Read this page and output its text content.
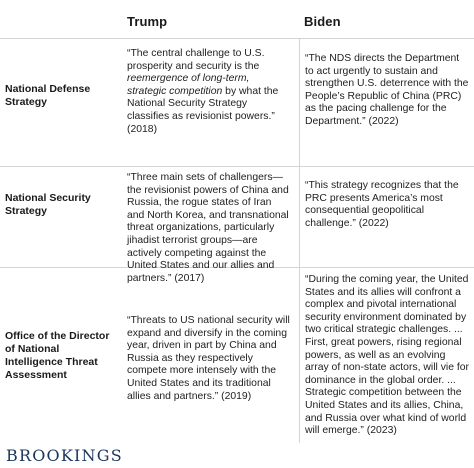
Trump	Biden
National Defense Strategy
“The central challenge to U.S. prosperity and security is the reemergence of long-term, strategic competition by what the National Security Strategy classifies as revisionist powers.” (2018)
“The NDS directs the Department to act urgently to sustain and strengthen U.S. deterrence with the People’s Republic of China (PRC) as the pacing challenge for the Department.” (2022)
National Security Strategy
“Three main sets of challengers—the revisionist powers of China and Russia, the rogue states of Iran and North Korea, and transnational threat organizations, particularly jihadist terrorist groups—are actively competing against the United States and our allies and partners.” (2017)
“This strategy recognizes that the PRC presents America’s most consequential geopolitical challenge.” (2022)
Office of the Director of National Intelligence Threat Assessment
“Threats to US national security will expand and diversify in the coming year, driven in part by China and Russia as they respectively compete more intensely with the United States and its traditional allies and partners.” (2019)
“During the coming year, the United States and its allies will confront a complex and pivotal international security environment dominated by two critical strategic challenges. ... First, great powers, rising regional powers, as well as an evolving array of non-state actors, will vie for dominance in the global order. ... Strategic competition between the United States and its allies, China, and Russia over what kind of world will emerge.” (2023)
BROOKINGS
